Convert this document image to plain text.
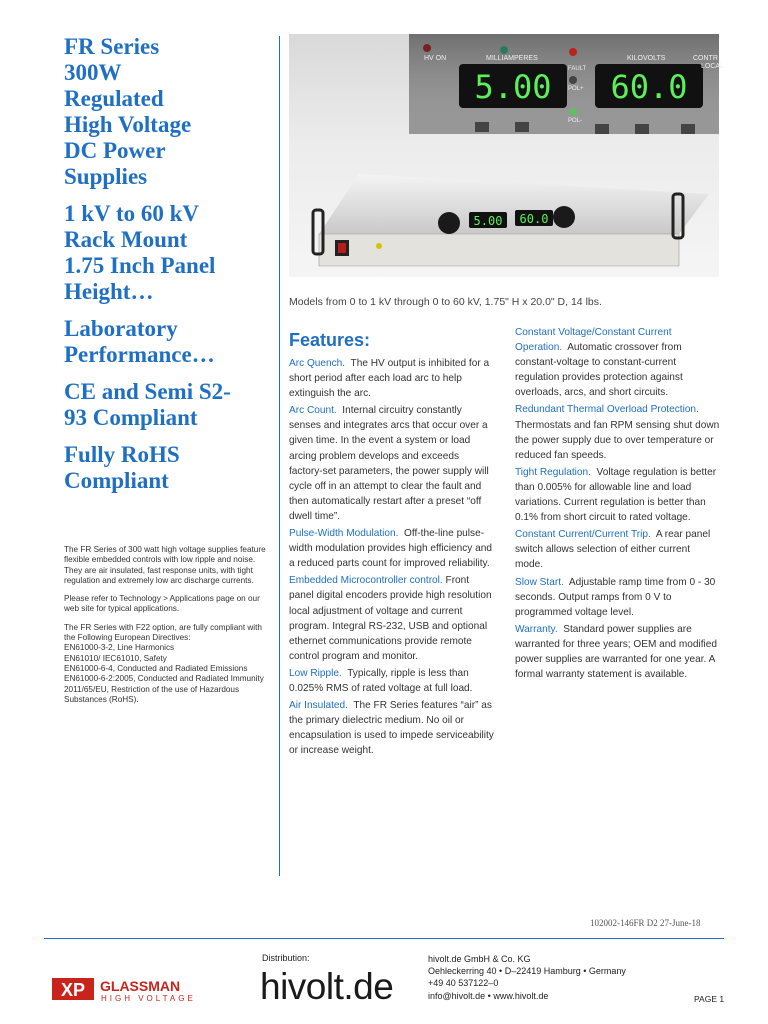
FR Series
300W
Regulated
High Voltage
DC Power
Supplies
1 kV to 60 kV
Rack Mount
1.75 Inch Panel
Height…
Laboratory
Performance…
CE and Semi S2-
93 Compliant
Fully RoHS
Compliant

The FR Series of 300 watt high voltage supplies feature flexible embedded controls with low ripple and noise. They are air insulated, fast response units, with tight regulation and extremely low arc discharge currents.

Please refer to Technology > Applications page on our web site for typical applications.

The FR Series with F22 option, are fully compliant with the Following European Directives:

EN61000-3-2, Line Harmonics

EN61010/ IEC61010, Safety

EN61000-6-4, Conducted and Radiated Emissions

EN61000-6-2:2005, Conducted and Radiated Immunity

2011/65/EU, Restriction of the use of Hazardous Substances (RoHS).

5.00 60.0
MILLIAMPERES	KILOVOLTS
HV ON
FAULT
POL+
POL-
CONTR
LOCAL
5.00 60.0
Models from 0 to 1 kV through 0 to 60 kV, 1.75" H x 20.0" D, 14 lbs.
Features:

Arc Quench. The HV output is inhibited for a short period after each load arc to help extinguish the arc.

Arc Count. Internal circuitry constantly senses and integrates arcs that occur over a given time. In the event a system or load arcing problem develops and exceeds factory-set parameters, the power supply will cycle off in an attempt to clear the fault and then automatically restart after a preset “off dwell time”.

Pulse-Width Modulation. Off-the-line pulse-width modulation provides high efficiency and a reduced parts count for improved reliability.

Embedded Microcontroller control. Front panel digital encoders provide high resolution local adjustment of voltage and current program. Integral RS-232, USB and optional ethernet communications provide remote control program and monitor.

Low Ripple. Typically, ripple is less than 0.025% RMS of rated voltage at full load.

Air Insulated. The FR Series features “air” as the primary dielectric medium. No oil or encapsulation is used to impede serviceability or increase weight.

Constant Voltage/Constant Current Operation. Automatic crossover from constant-voltage to constant-current regulation provides protection against overloads, arcs, and short circuits.

Redundant Thermal Overload Protection.  Thermostats and fan RPM sensing shut down the power supply due to over temperature or reduced fan speeds.

Tight Regulation. Voltage regulation is better than 0.005% for allowable line and load variations. Current regulation is better than 0.1% from short circuit to rated voltage.

Constant Current/Current Trip. A rear panel switch allows selection of either current mode.

Slow Start. Adjustable ramp time from 0 - 30 seconds. Output ramps from 0 V to programmed voltage level.

Warranty. Standard power supplies are warranted for three years; OEM and modified power supplies are warranted for one year. A formal warranty statement is available.

102002-146FR D2 27-June-18
XP GLASSMAN
HIGH VOLTAGE
Distribution:
hivolt.de
hivolt.de GmbH & Co. KG
Oehleckerring 40 • D–22419 Hamburg • Germany
+49 40 537122–0
info@hivolt.de • www.hivolt.de	PAGE 1
